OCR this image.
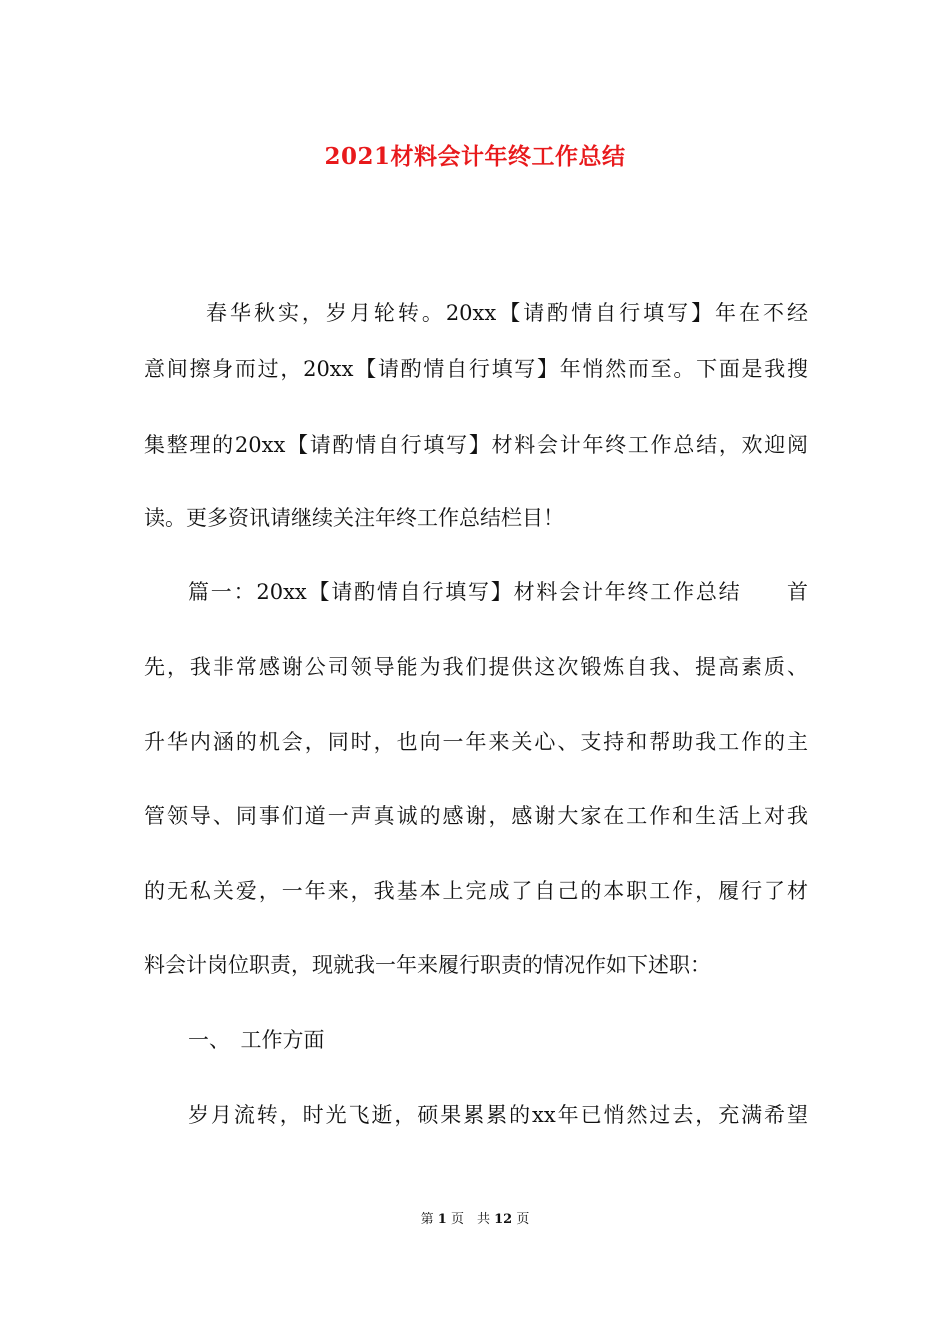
2021材料会计年终工作总结
春华秋实，岁月轮转。20xx【请酌情自行填写】年在不经
意间擦身而过，20xx【请酌情自行填写】年悄然而至。下面是我搜
集整理的20xx【请酌情自行填写】材料会计年终工作总结，欢迎阅
读。更多资讯请继续关注年终工作总结栏目！
篇一：20xx【请酌情自行填写】材料会计年终工作总结　　首
先，我非常感谢公司领导能为我们提供这次锻炼自我、提高素质、
升华内涵的机会，同时，也向一年来关心、支持和帮助我工作的主
管领导、同事们道一声真诚的感谢，感谢大家在工作和生活上对我
的无私关爱，一年来，我基本上完成了自己的本职工作，履行了材
料会计岗位职责，现就我一年来履行职责的情况作如下述职：
一、　工作方面
岁月流转，时光飞逝，硕果累累的xx年已悄然过去，充满希望
第 1 页　共 12 页
